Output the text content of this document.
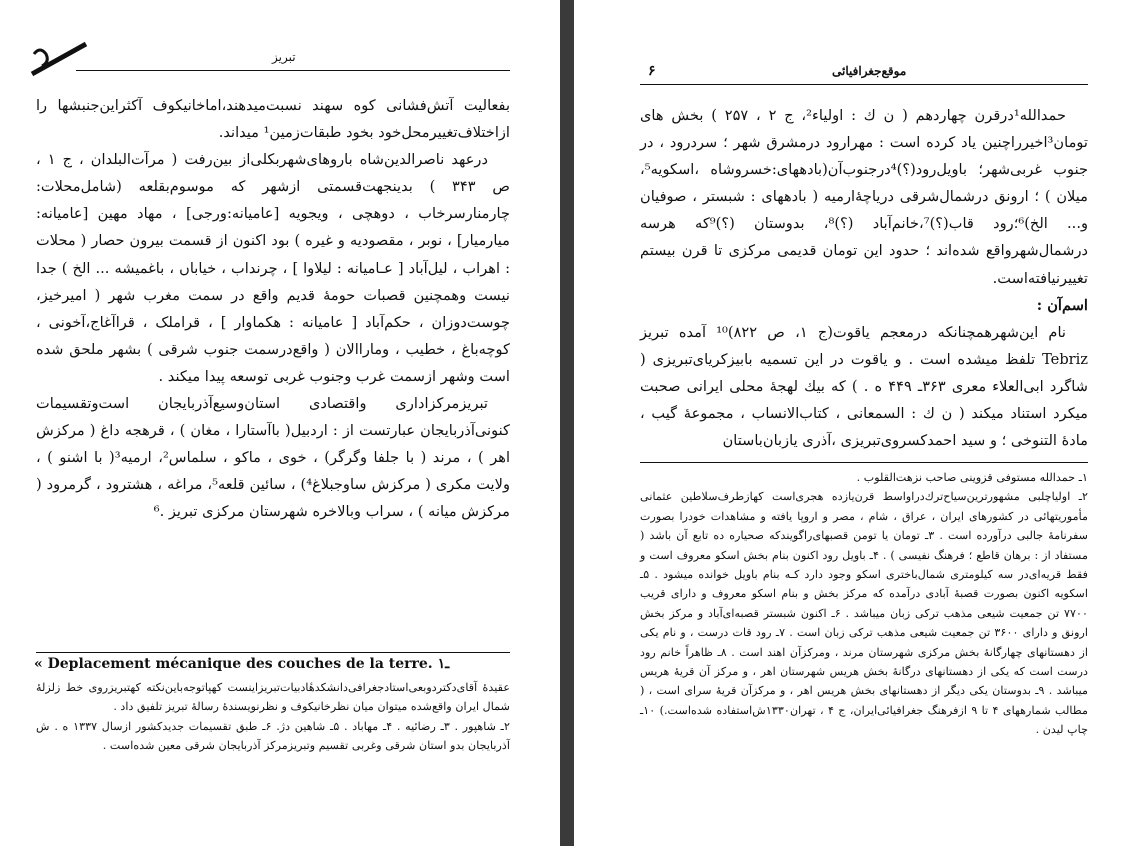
تبریز

بفعالیت آتش‌فشانی کوه سهند نسبت‌میدهند،اماخانیکوف آکثراین‌جنبشها را ازاختلاف‌تغییرمحل‌خود بخود طبقات‌زمین¹ میداند.

درعهد ناصر‌الدین‌شاه باروهای‌شهر‌بکلی‌از بین‌رفت ( مرآت‌البلدان ، ج ۱ ، ص ۳۴۳ ) بدینجهت‌قسمتی ازشهر که موسوم‌بقلعه (شامل‌محلات: چارمنارسرخاب ، دوهچی ، ویجویه [عامیانه:ورجی] ، مهاد مهین [عامیانه: میارمیار] ، نوبر ، مقصودیه و غیره ) بود اکنون از قسمت بیرون حصار ( محلات : اهراب ، لیل‌آباد [ عـامیانه : لیلاوا ] ، چرنداب ، خیاباں ، باغمیشه ... الخ ) جدا نیست وهمچنین قصبات حومهٔ قدیم واقع در سمت مغرب شهر ( امیرخیز، چوست‌دوزان ، حکم‌آباد [ عامیانه : هکماوار ] ، قراملک ، قراآغاج،آخونی ، کوچه‌باغ ، خطیب ، وماراالان ( واقع‌درسمت جنوب شرقی ) بشهر ملحق شده است وشهر ازسمت غرب وجنوب غربی توسعه پیدا میکند .

تبریزمرکزاداری واقتصادی استان‌وسیع‌آذربایجان است‌وتقسیمات کنونی‌آذربایجان عبارتست از : اردبیل( باآستارا ، مغان ) ، قرهجه داغ ( مرکزش اهر ) ، مرند ( با جلفا وگرگر) ، خوی ، ماکو ، سلماس²، ارمیه³( با اشنو ) ، ولایت مکری ( مرکزش ساوجبلاغ⁴) ، سائین قلعه⁵، مراغه ، هشترود ، گرمرود ( مرکزش میانه ) ، سراب وبالاخره شهرستان مرکزی تبریز .⁶

« Deplacement mécanique des couches de la terre. ۱ـ

عقیدهٔ آقای‌دکتردوبعی‌استادجغرافی‌دانشکدهٔادبیات‌تبریزاینست کهپاتوجه‌باین‌نکته کهتبریزروی خط زلزلهٔ شمال ایران واقع‌شده میتوان میان نظرخانیکوف و نظرنویسندهٔ رسالهٔ تبریز تلفیق داد .

۲ـ شاهپور . ۳ـ رضائیه . ۴ـ مهاباد . ۵ـ شاهین دژ. ۶ـ طبق تقسیمات جدید‌کشور ازسال ۱۳۳۷ ه . ش آذربایجان بدو استان شرقی وغربی تقسیم وتبریز‌مرکز آذربایجان شرقی معین شده‌است .

۶	موقع‌جغرافیائی

حمدالله¹درقرن چهاردهم ( ن ك : اولیاء²، ج ۲ ، ۲۵۷ ) بخش های تومان³اخیرراچنین یاد کرده است : مهرارود درمشرق شهر ؛ سردرود ، در جنوب غربی‌شهر؛ باویل‌رود(؟)⁴درجنوب‌آن(بادههای:خسروشاه ،اسکویه⁵، میلان ) ؛ ارونق درشمال‌شرقی دریاچهٔ‌ارمیه ( بادههای : شبستر ، صوفیان و... الخ)⁶؛رود قاب(؟)⁷،خانم‌آباد (؟)⁸، بدوستان (؟)⁹که هرسه درشمال‌شهرواقع شده‌اند ؛ حدود این تومان قدیمی مرکزی تا قرن بیستم تغییرنیافته‌است.

اسم‌آن :

نام این‌شهرهمچنانکه درمعجم یاقوت(ج ۱، ص ۸۲۲)¹⁰ آمده تبریز Tebriz تلفظ میشده است . و یاقوت در این تسمیه بابیز‌کریای‌تبریزی ( شاگرد ابی‌العلاء معری ۳۶۳ـ ۴۴۹ ه . ) که بیك لهجهٔ محلی ایرانی صحبت میکرد استناد میکند ( ن ك : السمعانی ، کتاب‌الانساب ، مجموعهٔ گیب ، مادهٔ التنوخی ؛ و سید احمد‌کسروی‌تبریزی ،آذری یازبان‌باستان

۱ـ حمدالله مستوفی قزوینی صاحب نزهت‌القلوب .

۲ـ اولیاچلبی مشهورترین‌سیاح‌ترك‌دراواسط قرن‌یازده هجری‌است کهازطرف‌سلاطین عثمانی مأموریتهائی در کشورهای ایران ، عراق ، شام ، مصر و اروپا یافته و مشاهدات خودرا بصورت سفرنامهٔ جالبی درآورده است . ۳ـ تومان یا تومن قصبهای‌راگویندکه صحیاره ده تابع آن باشد ( مستفاد از : برهان قاطع ؛ فرهنگ نفیسی ) . ۴ـ باویل رود اکنون بنام بخش اسکو معروف است و فقط قریه‌ای‌در سه کیلومتری شمال‌باختری اسکو وجود دارد کـه بنام باویل خوانده میشود . ۵ـ اسکویه اکنون بصورت قصبهٔ آبادی درآمده که مرکز بخش و بنام اسکو معروف و دارای قریب ۷۷۰۰ تن جمعیت شیعی مذهب ترکی زبان میباشد . ۶ـ اکنون شبستر قصبه‌ای‌آباد و مرکز بخش ارونق و دارای ۳۶۰۰ تن جمعیت شیعی مذهب ترکی زبان است . ۷ـ رود قات درست ، و نام یکی از دهستانهای چهارگانهٔ بخش مرکزی شهرستان مرند ، ومرکزآن اهند است . ۸ـ ظاهراً خانم رود درست است که یکی از دهستانهای درگانهٔ بخش هریس شهرستان اهر ، و مرکز آن قریهٔ هریس میباشد . ۹ـ بدوستان یکی دیگر از دهستانهای بخش هریس اهر ، و مرکزآن قریهٔ سرای است ، ( مطالب شمارههای ۴ تا ۹ ازفرهنگ جغرافیائی‌ایران، ج ۴ ، تهران۱۳۳۰ش‌استفاده شده‌است.) ۱۰ـ چاپ لیدن .
